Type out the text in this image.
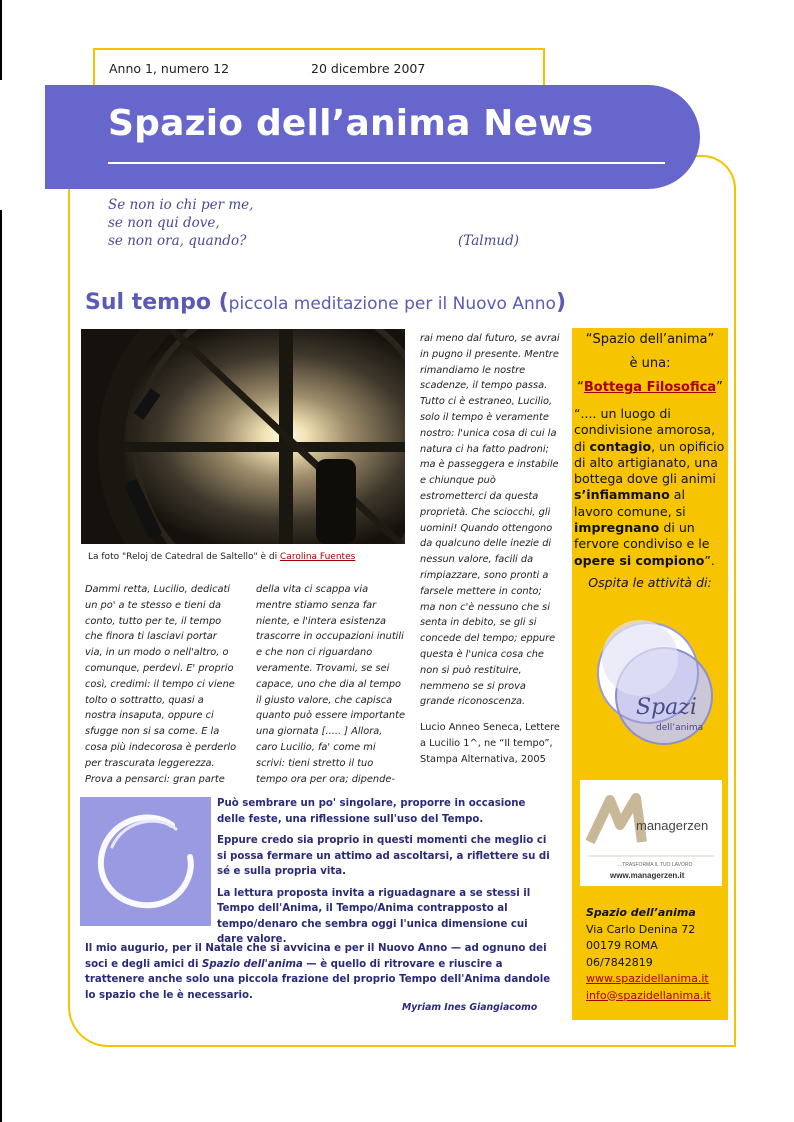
Anno 1, numero 12	20 dicembre 2007
Spazio dell’anima News
Se non io chi per me,
se non qui dove,
se non ora, quando?	(Talmud)
Sul tempo (piccola meditazione per il Nuovo Anno)
La foto "Reloj de Catedral de Saltello" è di Carolina Fuentes

Dammi retta, Lucilio, dedicati un po' a te stesso e tieni da conto, tutto per te, il tempo che finora ti lasciavi portar via, in un modo o nell'altro, o comunque, perdevi. E' proprio così, credimi: il tempo ci viene tolto o sottratto, quasi a nostra insaputa, oppure ci sfugge non si sa come. E la cosa più indecorosa è perderlo per trascurata leggerezza. Prova a pensarci: gran parte

della vita ci scappa via mentre stiamo senza far niente, e l'intera esistenza trascorre in occupazioni inutili e che non ci riguardano veramente. Trovami, se sei capace, uno che dia al tempo il giusto valore, che capisca quanto può essere importante una giornata [..... ] Allora, caro Lucilio, fa' come mi scrivi: tieni stretto il tuo tempo ora per ora; dipende-

rai meno dal futuro, se avrai in pugno il presente. Mentre rimandiamo le nostre scadenze, il tempo passa. Tutto ci è estraneo, Lucilio, solo il tempo è veramente nostro: l'unica cosa di cui la natura ci ha fatto padroni; ma è passeggera e instabile e chiunque può estrometterci da questa proprietà. Che sciocchi, gli uomini! Quando ottengono da qualcuno delle inezie di nessun valore, facili da rimpiazzare, sono pronti a farsele mettere in conto; ma non c'è nessuno che si senta in debito, se gli si concede del tempo; eppure questa è l'unica cosa che non si può restituire, nemmeno se si prova grande riconoscenza.

Lucio Anneo Seneca, Lettere a Lucilio 1^, ne “Il tempo”, Stampa Alternativa, 2005

“Spazio dell’anima”
è una:
“Bottega Filosofica”
“.... un luogo di condivisione amorosa, di contagio, un opificio di alto artigianato, una bottega dove gli animi s’infiammano al lavoro comune, si impregnano di un fervore condiviso e le opere si compiono”.
Ospita le attività di:
Spazi
dell’anima
managerzen
...TRASFORMA IL TUO LAVORO
www.managerzen.it
Spazio dell’anima
Via Carlo Denina 72
00179 ROMA
06/7842819
www.spazidellanima.it
info@spazidellanima.it

Può sembrare un po' singolare, proporre in occasione delle feste, una riflessione sull'uso del Tempo.

Eppure credo sia proprio in questi momenti che meglio ci si possa fermare un attimo ad ascoltarsi, a riflettere su di sé e sulla propria vita.

La lettura proposta invita a riguadagnare a se stessi il Tempo dell'Anima, il Tempo/Anima contrapposto al tempo/denaro che sembra oggi l'unica dimensione cui dare valore.

Il mio augurio, per il Natale che si avvicina e per il Nuovo Anno — ad ognuno dei soci e degli amici di Spazio dell'anima — è quello di ritrovare e riuscire a trattenere anche solo una piccola frazione del proprio Tempo dell'Anima dandole lo spazio che le è necessario.
Myriam Ines Giangiacomo
